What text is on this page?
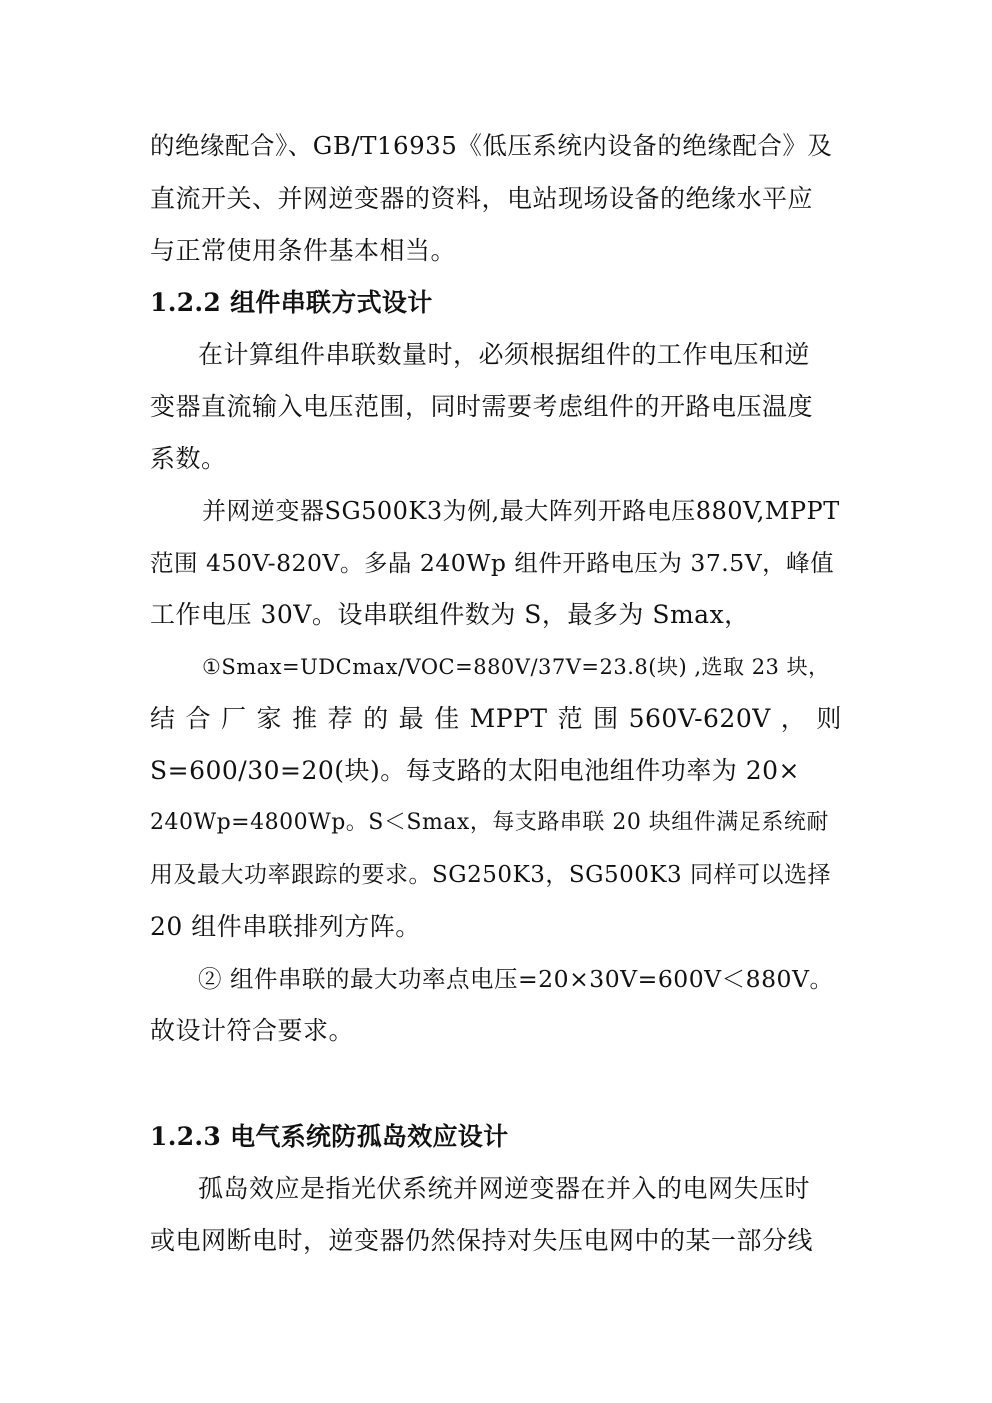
的绝缘配合》、GB/T16935《低压系统内设备的绝缘配合》及
直流开关、并网逆变器的资料，电站现场设备的绝缘水平应
与正常使用条件基本相当。
1.2.2 组件串联方式设计
在计算组件串联数量时，必须根据组件的工作电压和逆
变器直流输入电压范围，同时需要考虑组件的开路电压温度
系数。
并网逆变器SG500K3为例,最大阵列开路电压880V,MPPT
范围 450V-820V。多晶 240Wp 组件开路电压为 37.5V，峰值
工作电压 30V。设串联组件数为 S，最多为 Smax，
①Smax=UDCmax/VOC=880V/37V=23.8(块) ,选取 23 块，
结 合 厂 家 推 荐 的 最 佳 MPPT 范 围 560V-620V ， 则
S=600/30=20(块)。每支路的太阳电池组件功率为 20×
240Wp=4800Wp。S＜Smax，每支路串联 20 块组件满足系统耐
用及最大功率跟踪的要求。SG250K3，SG500K3 同样可以选择
20 组件串联排列方阵。
② 组件串联的最大功率点电压=20×30V=600V＜880V。
故设计符合要求。
1.2.3 电气系统防孤岛效应设计
孤岛效应是指光伏系统并网逆变器在并入的电网失压时
或电网断电时，逆变器仍然保持对失压电网中的某一部分线
